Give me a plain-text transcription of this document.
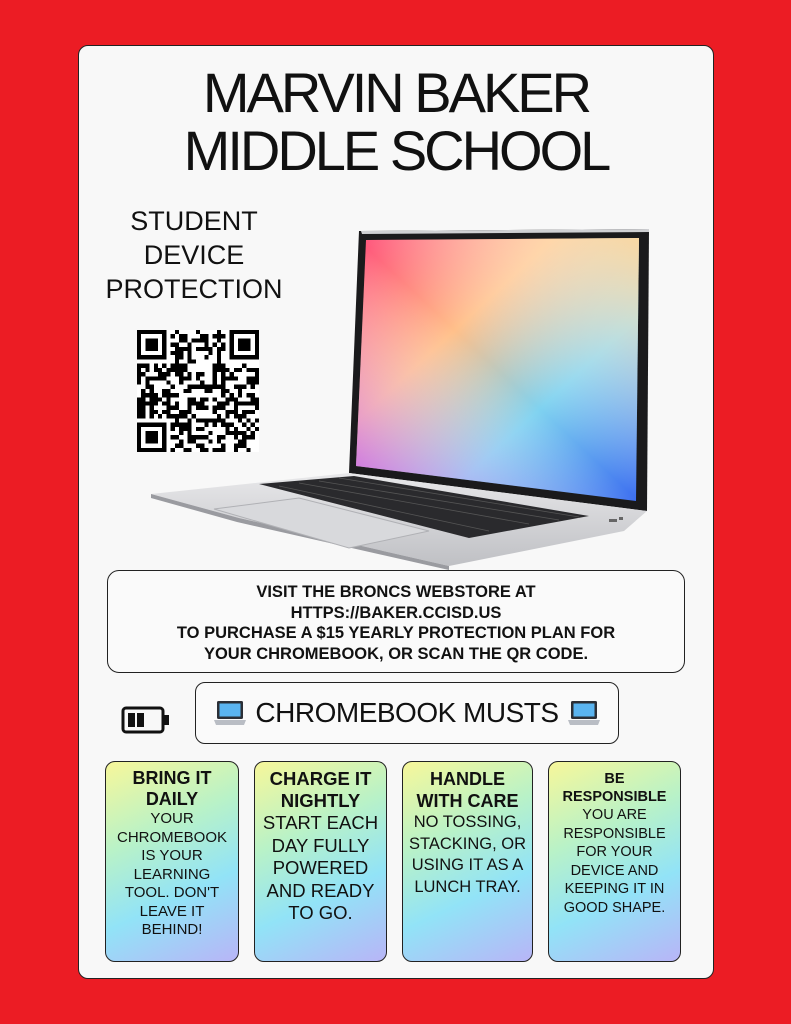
MARVIN BAKER
MIDDLE SCHOOL
STUDENT
DEVICE
PROTECTION
VISIT THE BRONCS WEBSTORE AT
HTTPS://BAKER.CCISD.US
TO PURCHASE A $15 YEARLY PROTECTION PLAN FOR
YOUR CHROMEBOOK, OR SCAN THE QR CODE.
CHROMEBOOK MUSTS
BRING IT DAILY
YOUR CHROMEBOOK IS YOUR LEARNING TOOL. DON'T LEAVE IT BEHIND!
CHARGE IT NIGHTLY
START EACH DAY FULLY POWERED AND READY TO GO.
HANDLE WITH CARE
NO TOSSING, STACKING, OR USING IT AS A LUNCH TRAY.
BE RESPONSIBLE
YOU ARE RESPONSIBLE FOR YOUR DEVICE AND KEEPING IT IN GOOD SHAPE.
